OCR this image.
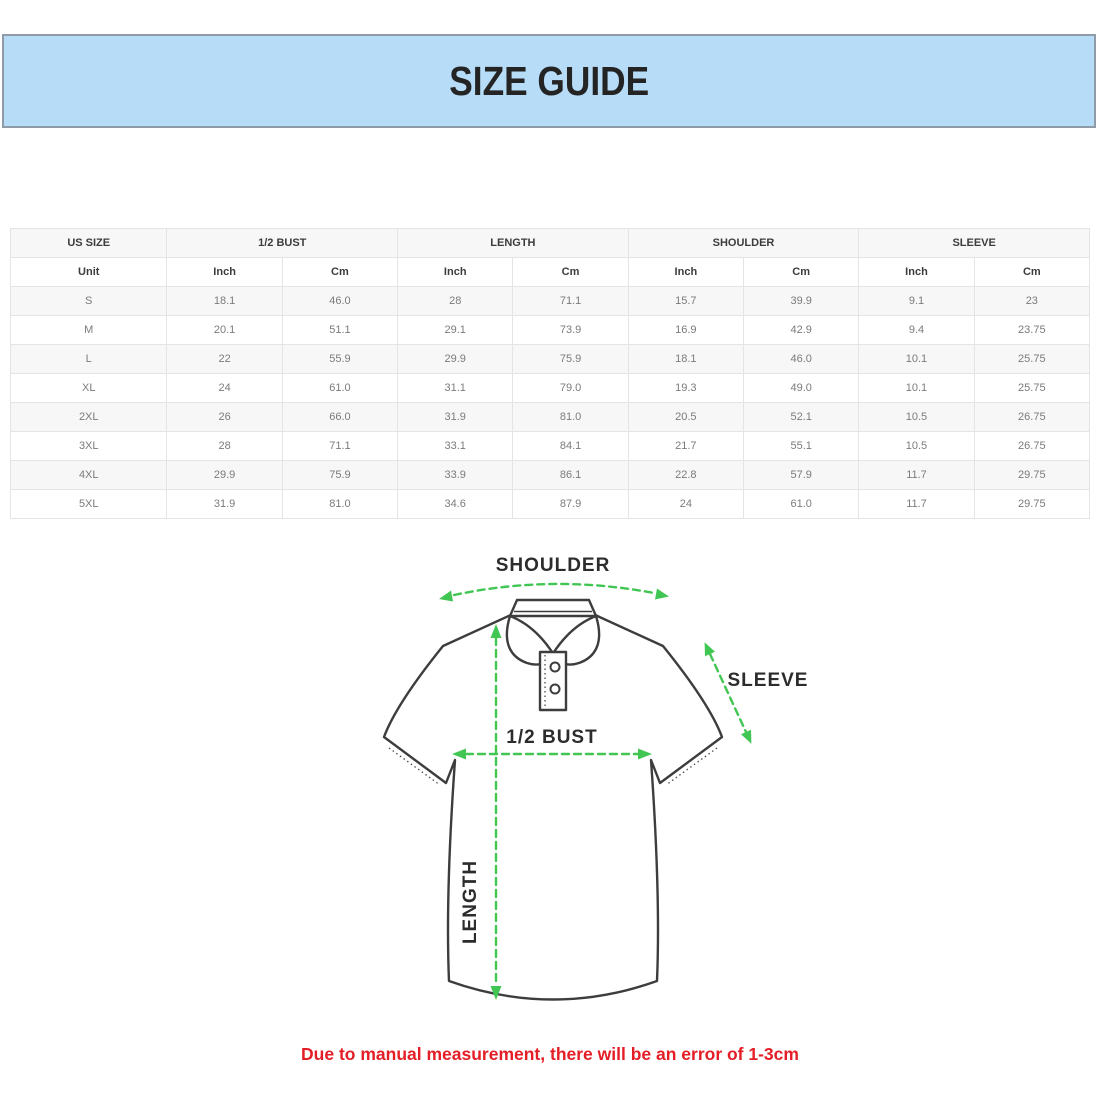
SIZE GUIDE
US SIZE	1/2 BUST		LENGTH		SHOULDER		SLEEVE	
Unit	Inch	Cm	Inch	Cm	Inch	Cm	Inch	Cm
S	18.1	46.0	28	71.1	15.7	39.9	9.1	23
M	20.1	51.1	29.1	73.9	16.9	42.9	9.4	23.75
L	22	55.9	29.9	75.9	18.1	46.0	10.1	25.75
XL	24	61.0	31.1	79.0	19.3	49.0	10.1	25.75
2XL	26	66.0	31.9	81.0	20.5	52.1	10.5	26.75
3XL	28	71.1	33.1	84.1	21.7	55.1	10.5	26.75
4XL	29.9	75.9	33.9	86.1	22.8	57.9	11.7	29.75
5XL	31.9	81.0	34.6	87.9	24	61.0	11.7	29.75
SHOULDER
SLEEVE
1/2 BUST
LENGTH
Due to manual measurement, there will be an error of 1-3cm
